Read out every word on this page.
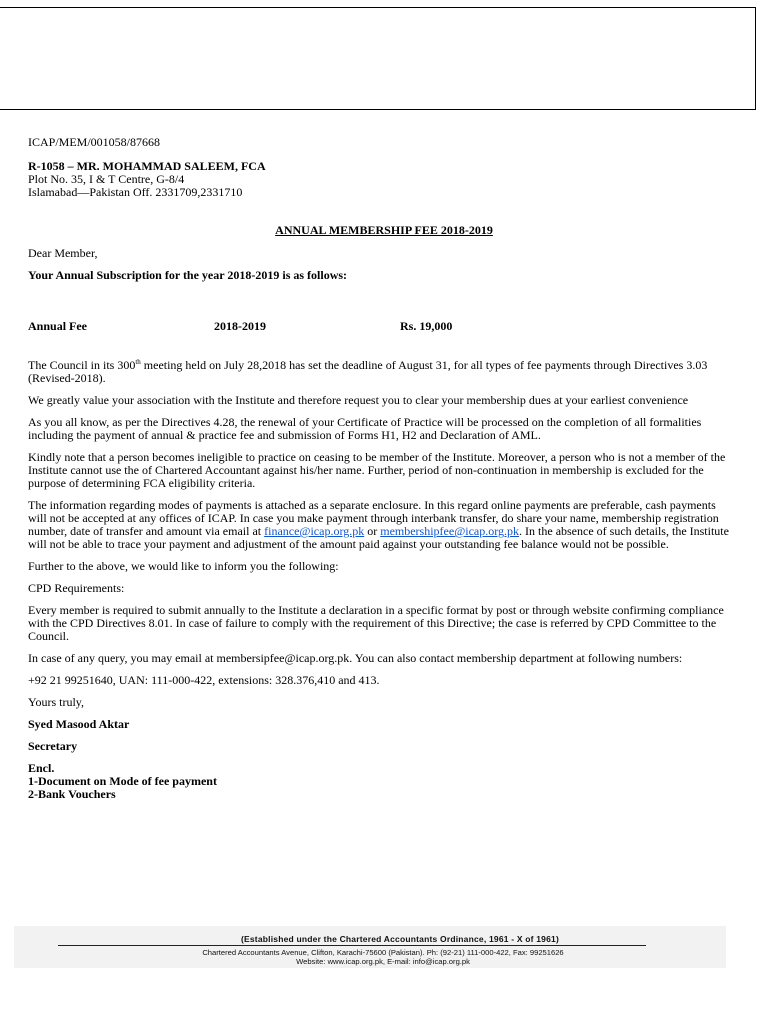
ICAP/MEM/001058/87668

R-1058 – MR. MOHAMMAD SALEEM, FCA

Plot No. 35, I & T Centre, G-8/4

Islamabad—Pakistan Off. 2331709,2331710

ANNUAL MEMBERSHIP FEE 2018-2019

Dear Member,

Your Annual Subscription for the year 2018-2019 is as follows:

Annual Fee	2018-2019	Rs. 19,000

The Council in its 300th meeting held on July 28,2018 has set the deadline of August 31, for all types of fee payments through Directives 3.03 (Revised-2018).

We greatly value your association with the Institute and therefore request you to clear your membership dues at your earliest convenience

As you all know, as per the Directives 4.28, the renewal of your Certificate of Practice will be processed on the completion of all formalities including the payment of annual & practice fee and submission of Forms H1, H2 and Declaration of AML.

Kindly note that a person becomes ineligible to practice on ceasing to be member of the Institute. Moreover, a person who is not a member of the Institute cannot use the of Chartered Accountant against his/her name. Further, period of non-continuation in membership is excluded for the purpose of determining FCA eligibility criteria.

The information regarding modes of payments is attached as a separate enclosure. In this regard online payments are preferable, cash payments will not be accepted at any offices of ICAP. In case you make payment through interbank transfer, do share your name, membership registration number, date of transfer and amount via email at finance@icap.org.pk or membershipfee@icap.org.pk. In the absence of such details, the Institute will not be able to trace your payment and adjustment of the amount paid against your outstanding fee balance would not be possible.

Further to the above, we would like to inform you the following:

CPD Requirements:

Every member is required to submit annually to the Institute a declaration in a specific format by post or through website confirming compliance with the CPD Directives 8.01. In case of failure to comply with the requirement of this Directive; the case is referred by CPD Committee to the Council.

In case of any query, you may email at membersipfee@icap.org.pk. You can also contact membership department at following numbers:

+92 21 99251640, UAN: 111-000-422, extensions: 328.376,410 and 413.

Yours truly,

Syed Masood Aktar

Secretary

Encl.

1-Document on Mode of fee payment

2-Bank Vouchers

(Established under the Chartered Accountants Ordinance, 1961 - X of 1961)
Chartered Accountants Avenue, Clifton, Karachi-75600 (Pakistan). Ph: (92-21) 111-000-422, Fax: 99251626
Website: www.icap.org.pk, E-mail: info@icap.org.pk
